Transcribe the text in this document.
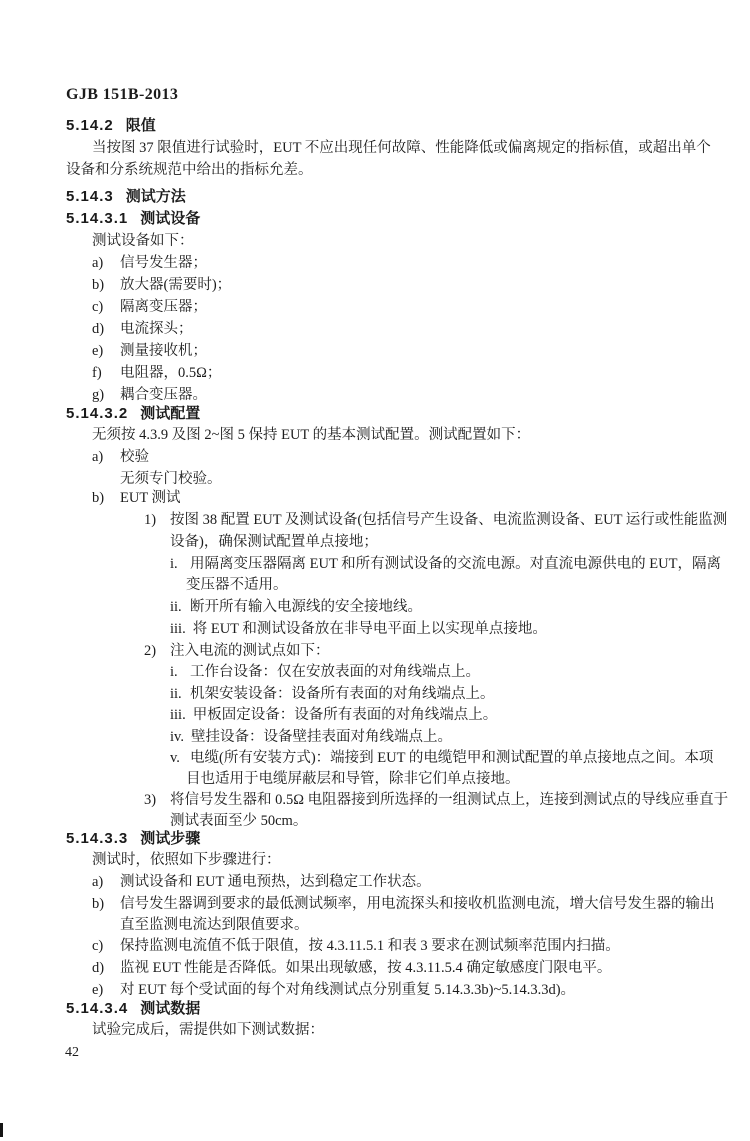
GJB 151B-2013
5.14.2 限值
当按图 37 限值进行试验时，EUT 不应出现任何故障、性能降低或偏离规定的指标值，或超出单个
设备和分系统规范中给出的指标允差。
5.14.3 测试方法
5.14.3.1 测试设备
测试设备如下：
a) 信号发生器；
b) 放大器(需要时)；
c) 隔离变压器；
d) 电流探头；
e) 测量接收机；
f) 电阻器，0.5Ω；
g) 耦合变压器。
5.14.3.2 测试配置
无须按 4.3.9 及图 2~图 5 保持 EUT 的基本测试配置。测试配置如下：
a) 校验
无须专门校验。
b) EUT 测试
1) 按图 38 配置 EUT 及测试设备(包括信号产生设备、电流监测设备、EUT 运行或性能监测
设备)，确保测试配置单点接地；
i. 用隔离变压器隔离 EUT 和所有测试设备的交流电源。对直流电源供电的 EUT，隔离
变压器不适用。
ii. 断开所有输入电源线的安全接地线。
iii. 将 EUT 和测试设备放在非导电平面上以实现单点接地。
2) 注入电流的测试点如下：
i. 工作台设备：仅在安放表面的对角线端点上。
ii. 机架安装设备：设备所有表面的对角线端点上。
iii. 甲板固定设备：设备所有表面的对角线端点上。
iv. 壁挂设备：设备壁挂表面对角线端点上。
v. 电缆(所有安装方式)：端接到 EUT 的电缆铠甲和测试配置的单点接地点之间。本项
目也适用于电缆屏蔽层和导管，除非它们单点接地。
3) 将信号发生器和 0.5Ω 电阻器接到所选择的一组测试点上，连接到测试点的导线应垂直于
测试表面至少 50cm。
5.14.3.3 测试步骤
测试时，依照如下步骤进行：
a) 测试设备和 EUT 通电预热，达到稳定工作状态。
b) 信号发生器调到要求的最低测试频率，用电流探头和接收机监测电流，增大信号发生器的输出
直至监测电流达到限值要求。
c) 保持监测电流值不低于限值，按 4.3.11.5.1 和表 3 要求在测试频率范围内扫描。
d) 监视 EUT 性能是否降低。如果出现敏感，按 4.3.11.5.4 确定敏感度门限电平。
e) 对 EUT 每个受试面的每个对角线测试点分别重复 5.14.3.3b)~5.14.3.3d)。
5.14.3.4 测试数据
试验完成后，需提供如下测试数据：
42
